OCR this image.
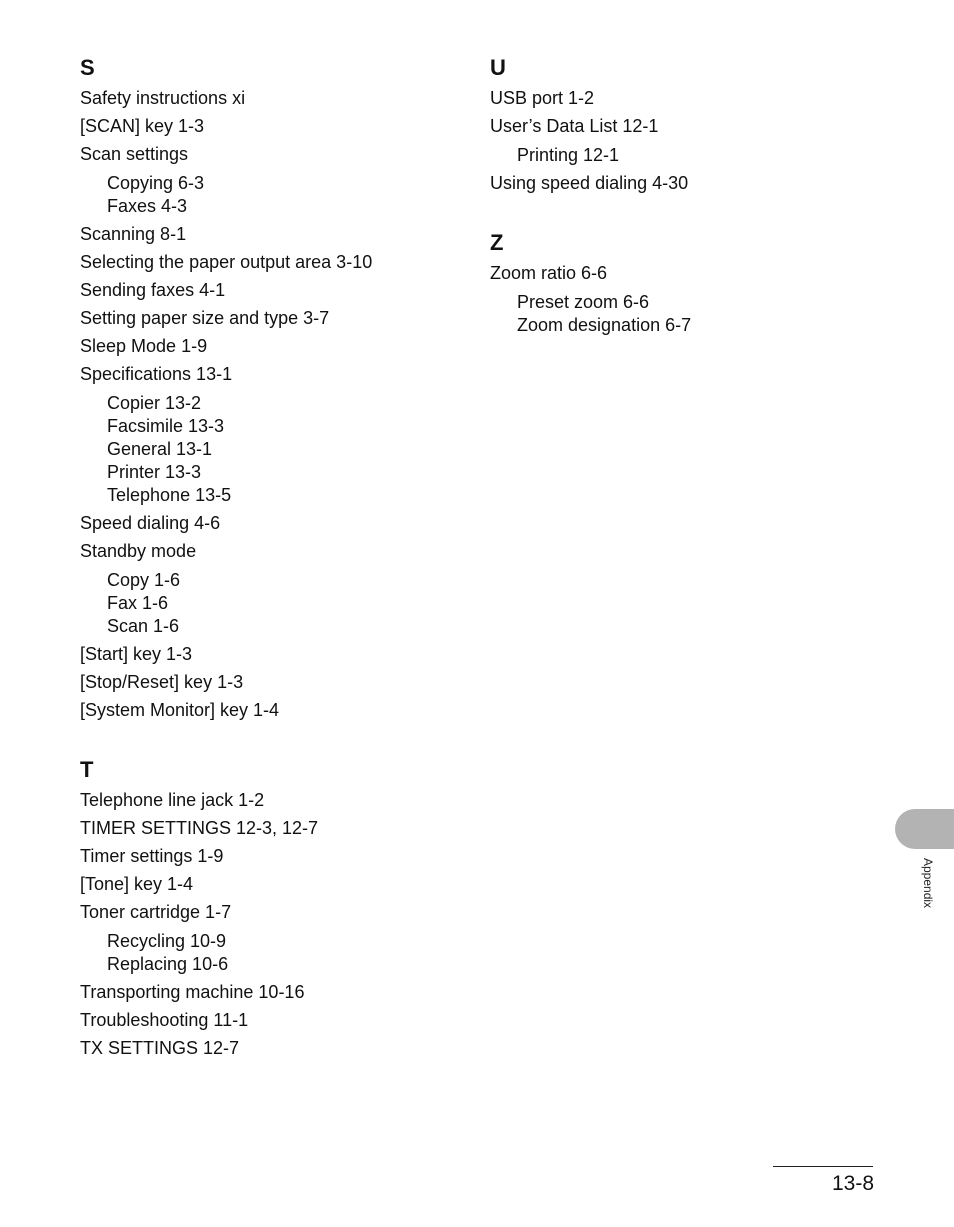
S
Safety instructions xi
[SCAN] key 1-3
Scan settings
Copying 6-3
Faxes 4-3
Scanning 8-1
Selecting the paper output area 3-10
Sending faxes 4-1
Setting paper size and type 3-7
Sleep Mode 1-9
Specifications 13-1
Copier 13-2
Facsimile 13-3
General 13-1
Printer 13-3
Telephone 13-5
Speed dialing 4-6
Standby mode
Copy 1-6
Fax 1-6
Scan 1-6
[Start] key 1-3
[Stop/Reset] key 1-3
[System Monitor] key 1-4
T
Telephone line jack 1-2
TIMER SETTINGS 12-3, 12-7
Timer settings 1-9
[Tone] key 1-4
Toner cartridge 1-7
Recycling 10-9
Replacing 10-6
Transporting machine 10-16
Troubleshooting 11-1
TX SETTINGS 12-7
U
USB port 1-2
User’s Data List 12-1
Printing 12-1
Using speed dialing 4-30
Z
Zoom ratio 6-6
Preset zoom 6-6
Zoom designation 6-7
Appendix
13-8
